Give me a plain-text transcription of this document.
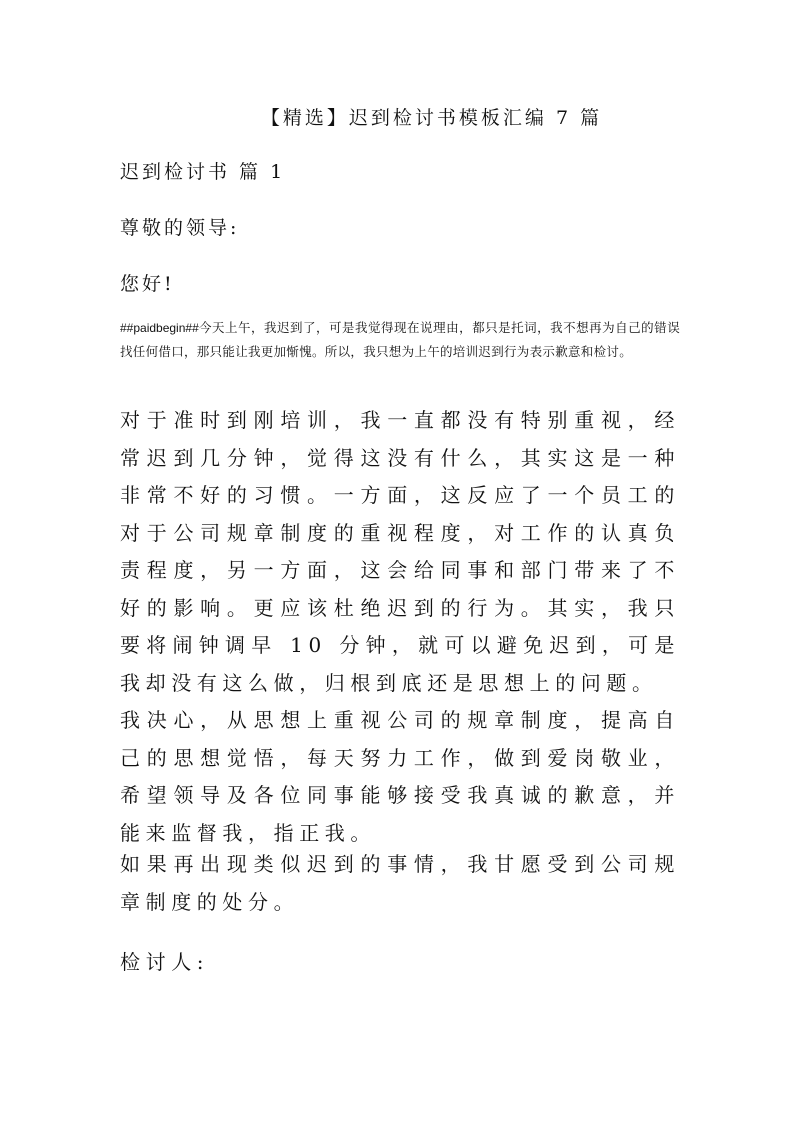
【精选】迟到检讨书模板汇编 7 篇
迟到检讨书 篇 1
尊敬的领导:
您好!
##paidbegin##今天上午，我迟到了，可是我觉得现在说理由，都只是托词，我不想再为自己的错误找任何借口，那只能让我更加惭愧。所以，我只想为上午的培训迟到行为表示歉意和检讨。
对于准时到刚培训，我一直都没有特别重视，经常迟到几分钟，觉得这没有什么，其实这是一种非常不好的习惯。一方面，这反应了一个员工的对于公司规章制度的重视程度，对工作的认真负责程度，另一方面，这会给同事和部门带来了不好的影响。更应该杜绝迟到的行为。其实，我只要将闹钟调早 10 分钟，就可以避免迟到，可是我却没有这么做，归根到底还是思想上的问题。
我决心，从思想上重视公司的规章制度，提高自己的思想觉悟，每天努力工作，做到爱岗敬业，希望领导及各位同事能够接受我真诚的歉意，并能来监督我，指正我。
如果再出现类似迟到的事情，我甘愿受到公司规章制度的处分。
检讨人:
